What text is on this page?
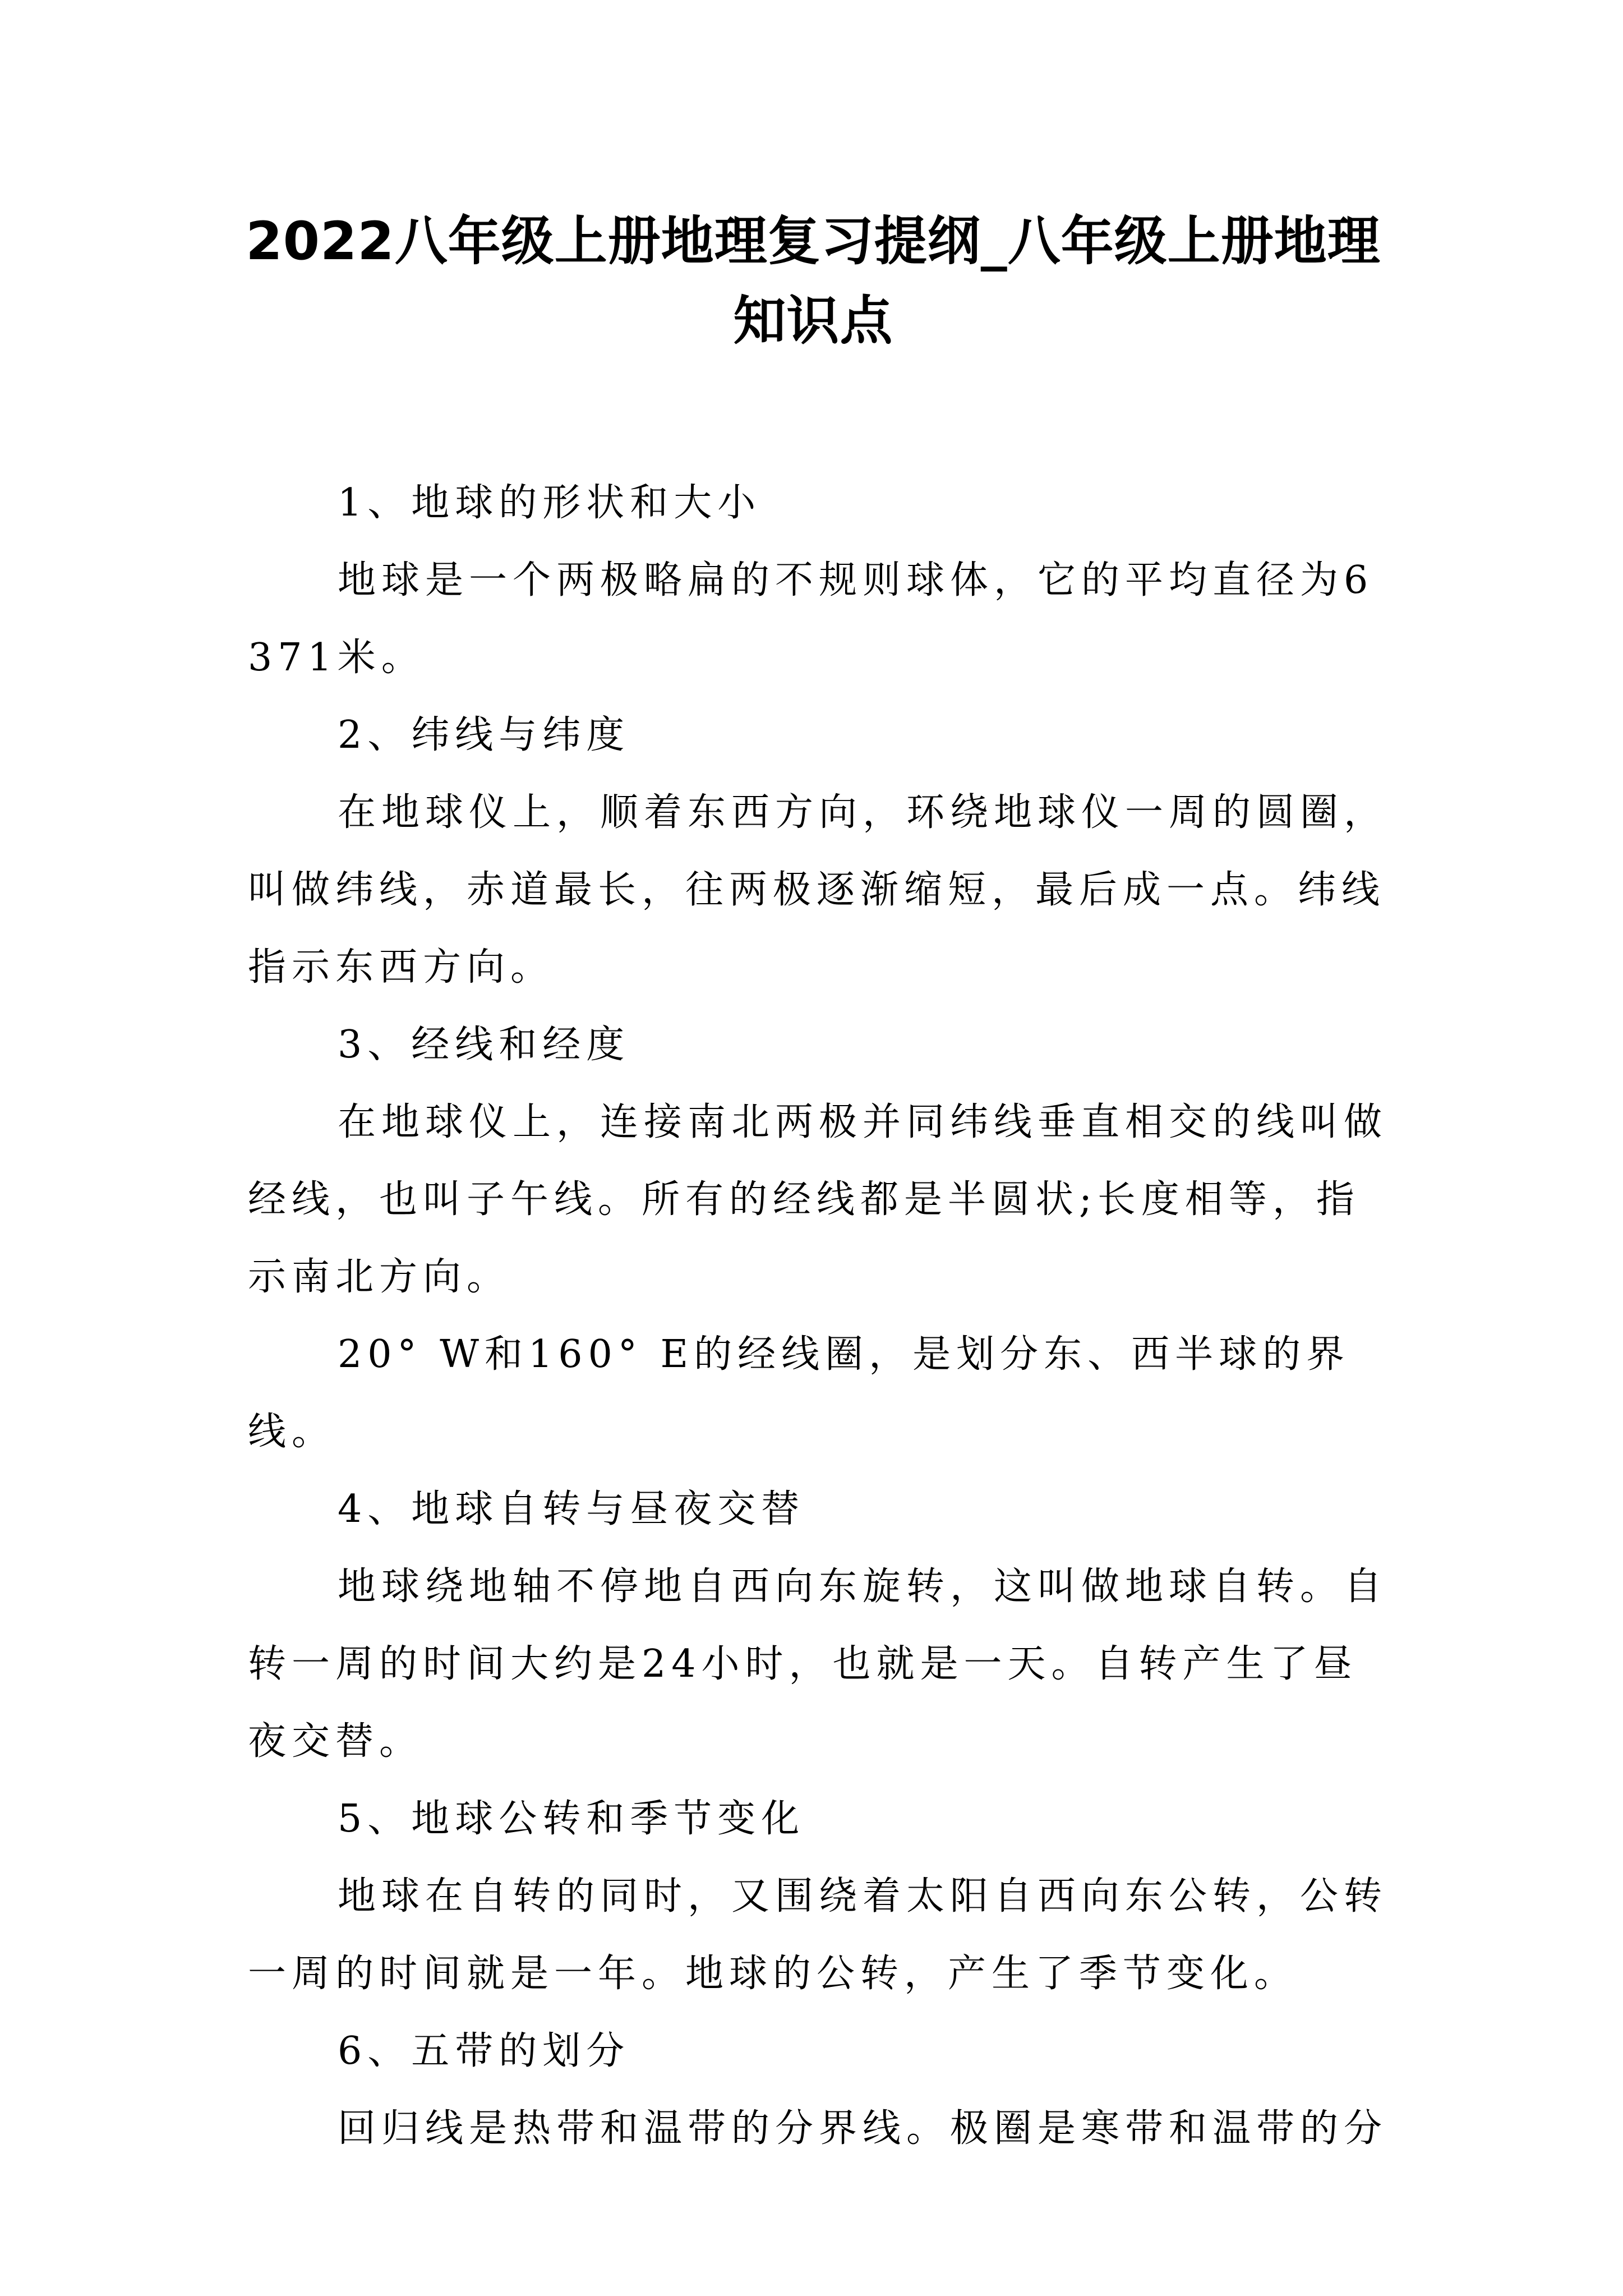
2022八年级上册地理复习提纲_八年级上册地理知识点

1、地球的形状和大小

地球是一个两极略扁的不规则球体，它的平均直径为6371米。

2、纬线与纬度

在地球仪上，顺着东西方向，环绕地球仪一周的圆圈，叫做纬线，赤道最长，往两极逐渐缩短，最后成一点。纬线指示东西方向。

3、经线和经度

在地球仪上，连接南北两极并同纬线垂直相交的线叫做经线，也叫子午线。所有的经线都是半圆状;长度相等，指示南北方向。

20° W和160° E的经线圈，是划分东、西半球的界线。

4、地球自转与昼夜交替

地球绕地轴不停地自西向东旋转，这叫做地球自转。自转一周的时间大约是24小时，也就是一天。自转产生了昼夜交替。

5、地球公转和季节变化

地球在自转的同时，又围绕着太阳自西向东公转，公转一周的时间就是一年。地球的公转，产生了季节变化。

6、五带的划分

回归线是热带和温带的分界线。极圈是寒带和温带的分
